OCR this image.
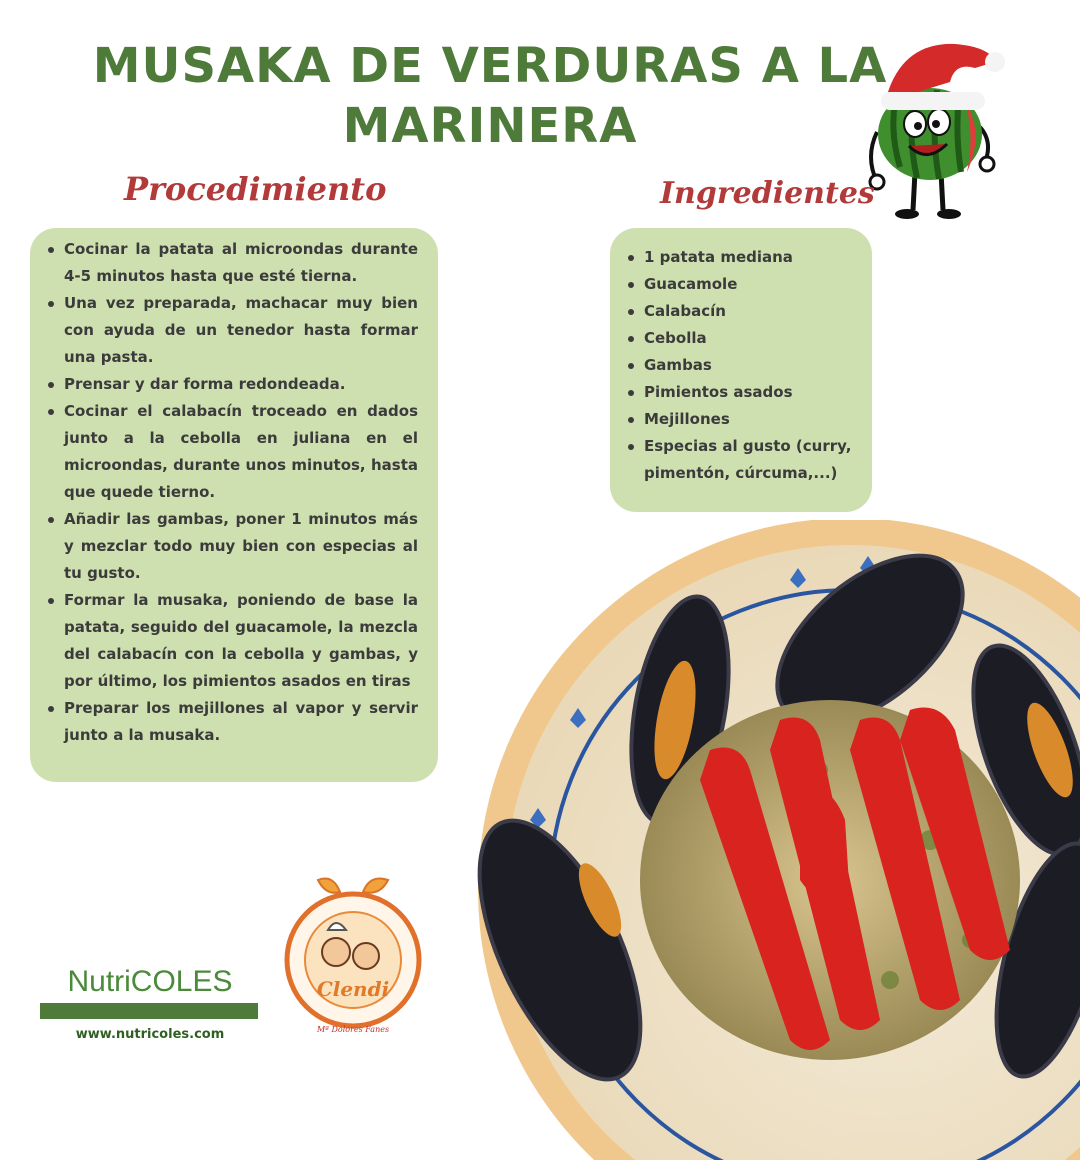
MUSAKA DE VERDURAS A LA MARINERA
Procedimiento	Ingredientes
Cocinar la patata al microondas durante 4-5 minutos hasta que esté tierna.
Una vez preparada, machacar muy bien con ayuda de un tenedor hasta formar una pasta.
Prensar y dar forma redondeada.
Cocinar el calabacín troceado en dados junto a la cebolla en juliana en el microondas, durante unos minutos, hasta que quede tierno.
Añadir las gambas, poner 1 minutos más y mezclar todo muy bien con especias al tu gusto.
Formar la musaka, poniendo de base la patata, seguido del guacamole, la mezcla del calabacín con la cebolla y gambas, y por último, los pimientos asados en tiras
Preparar los mejillones al vapor y servir junto a la musaka.
1 patata mediana
Guacamole
Calabacín
Cebolla
Gambas
Pimientos asados
Mejillones
Especias al gusto (curry, pimentón, cúrcuma,...)
NutriCOLES
www.nutricoles.com
Clendi
Mª Dolores Fanes
